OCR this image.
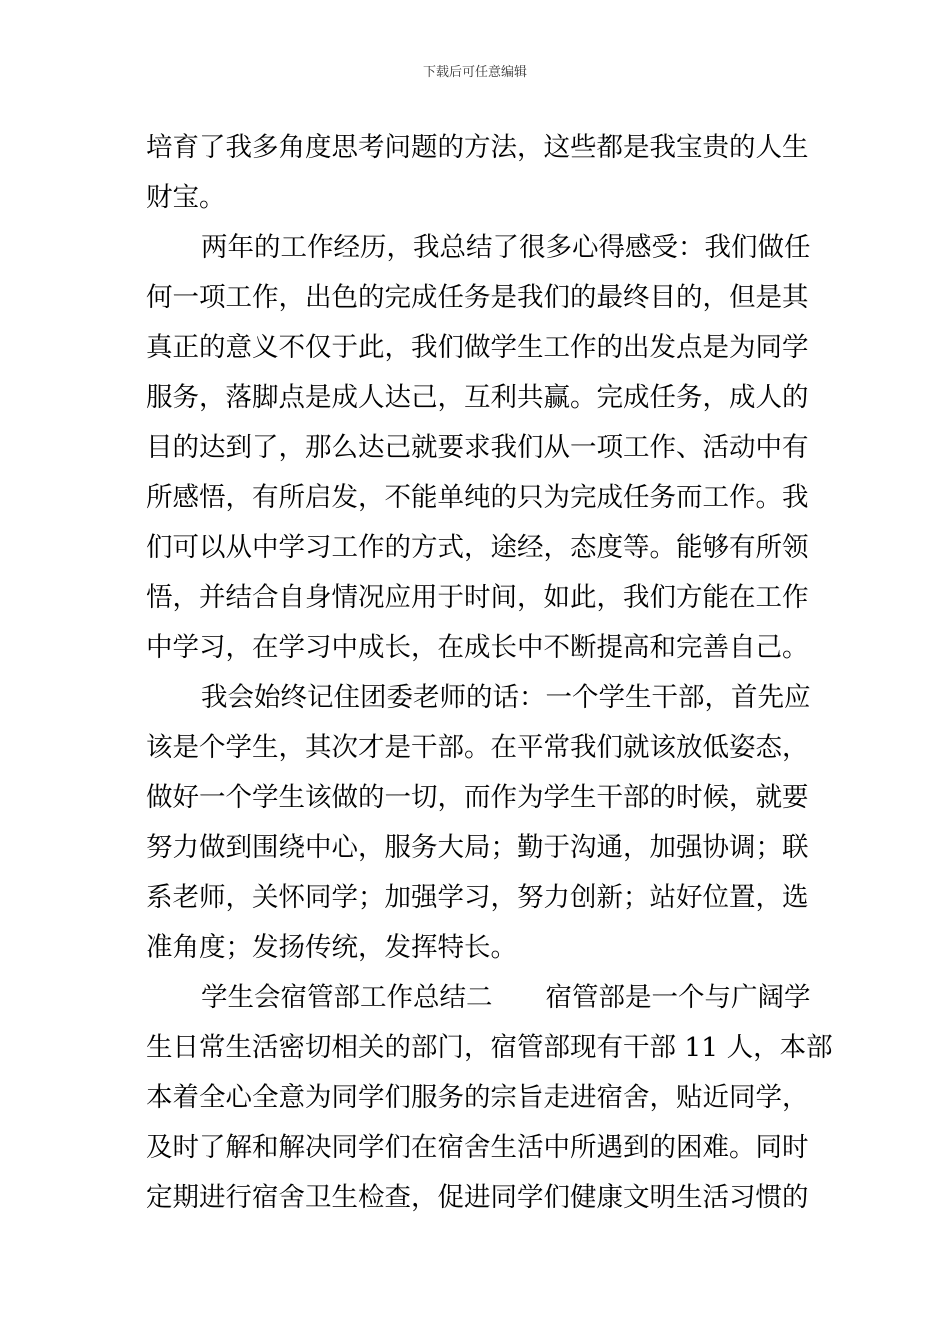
下载后可任意编辑
培育了我多角度思考问题的方法，这些都是我宝贵的人生
财宝。
两年的工作经历，我总结了很多心得感受：我们做任
何一项工作，出色的完成任务是我们的最终目的，但是其
真正的意义不仅于此，我们做学生工作的出发点是为同学
服务，落脚点是成人达己，互利共赢。完成任务，成人的
目的达到了，那么达己就要求我们从一项工作、活动中有
所感悟，有所启发，不能单纯的只为完成任务而工作。我
们可以从中学习工作的方式，途经，态度等。能够有所领
悟，并结合自身情况应用于时间，如此，我们方能在工作
中学习，在学习中成长，在成长中不断提高和完善自己。
我会始终记住团委老师的话：一个学生干部，首先应
该是个学生，其次才是干部。在平常我们就该放低姿态，
做好一个学生该做的一切，而作为学生干部的时候，就要
努力做到围绕中心，服务大局；勤于沟通，加强协调；联
系老师，关怀同学；加强学习，努力创新；站好位置，选
准角度；发扬传统，发挥特长。
学生会宿管部工作总结二　　宿管部是一个与广阔学
生日常生活密切相关的部门，宿管部现有干部 11 人，本部
本着全心全意为同学们服务的宗旨走进宿舍，贴近同学，
及时了解和解决同学们在宿舍生活中所遇到的困难。同时
定期进行宿舍卫生检查，促进同学们健康文明生活习惯的
